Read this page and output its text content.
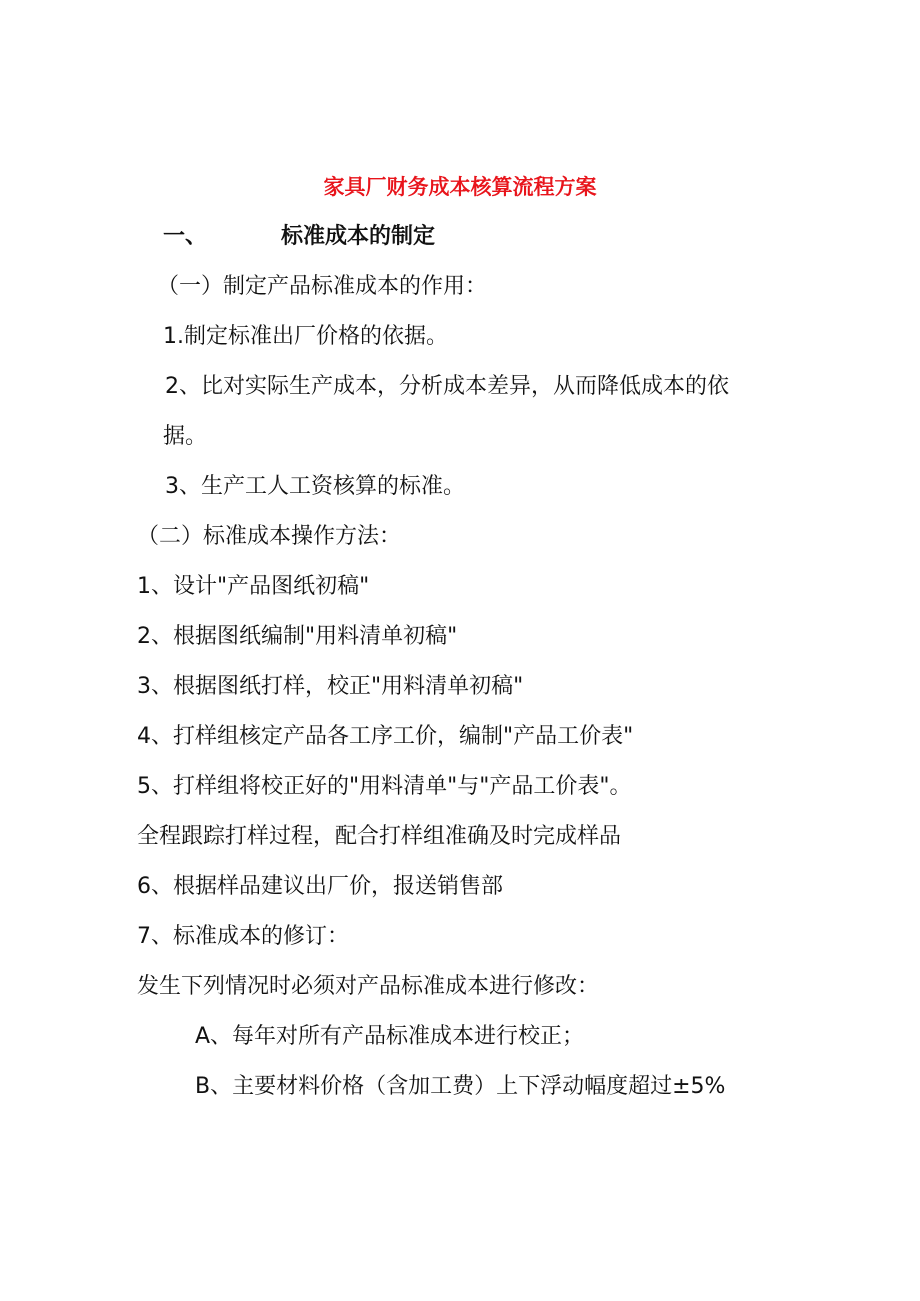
家具厂财务成本核算流程方案
一、	标准成本的制定
（一）制定产品标准成本的作用：
1.制定标准出厂价格的依据。
2、比对实际生产成本，分析成本差异，从而降低成本的依
据。
3、生产工人工资核算的标准。
（二）标准成本操作方法：
1、设计"产品图纸初稿"
2、根据图纸编制"用料清单初稿"
3、根据图纸打样，校正"用料清单初稿"
4、打样组核定产品各工序工价，编制"产品工价表"
5、打样组将校正好的"用料清单"与"产品工价表"。
全程跟踪打样过程，配合打样组准确及时完成样品
6、根据样品建议出厂价，报送销售部
7、标准成本的修订：
发生下列情况时必须对产品标准成本进行修改：
A、每年对所有产品标准成本进行校正；
B、主要材料价格（含加工费）上下浮动幅度超过±5%
